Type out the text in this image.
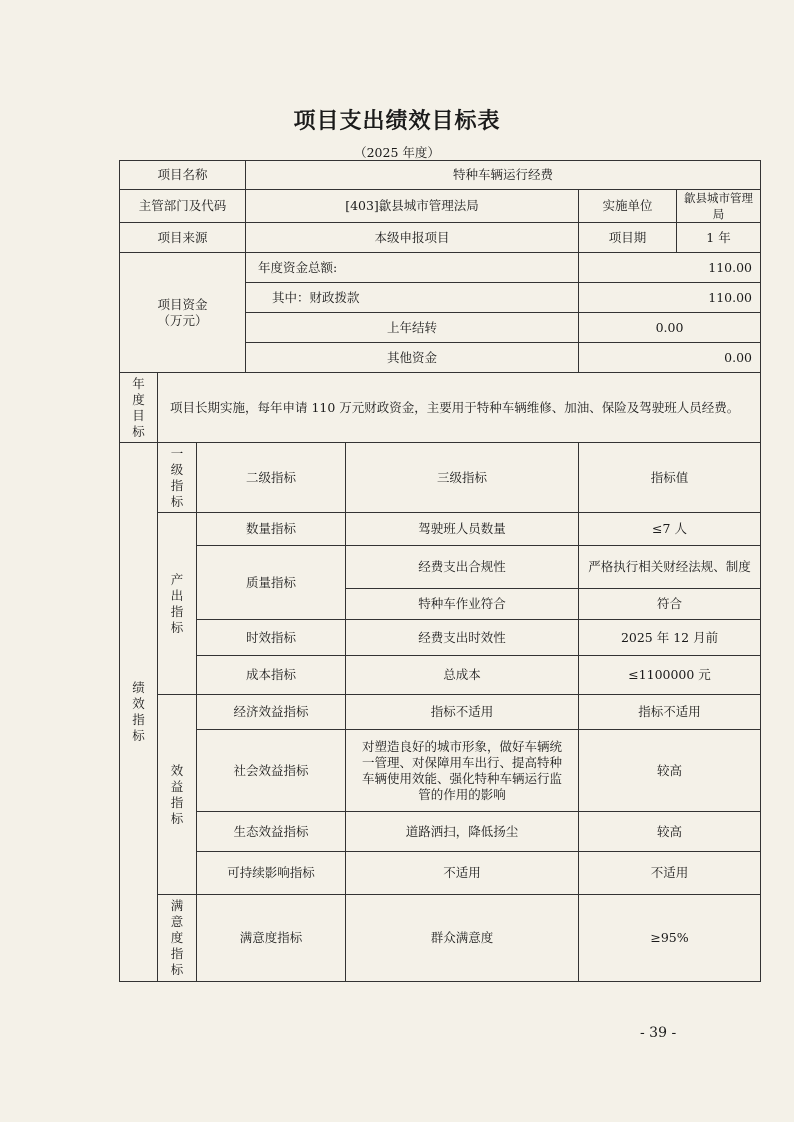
项目支出绩效目标表
（2025 年度）
项目名称			特种车辆运行经费			
主管部门及代码			[403]歙县城市管理法局		实施单位	歙县城市管理局
项目来源			本级申报项目		项目期	1 年
项目资金
（万元）			年度资金总额:		110.00	
			其中：财政拨款		110.00	
			上年结转		0.00	
			其他资金		0.00	

年度目标	项目长期实施，每年申请 110 万元财政资金，主要用于特种车辆维修、加油、保险及驾驶班人员经费。					

绩效指标	一级指标	二级指标		三级指标	指标值	

	产出指标	数量指标		驾驶班人员数量	≤7 人	
		质量指标		经费支出合规性	严格执行相关财经法规、制度	
				特种车作业符合	符合	
		时效指标		经费支出时效性	2025 年 12 月前	
		成本指标		总成本	≤1100000 元	

	效益指标	经济效益指标		指标不适用	指标不适用	
		社会效益指标		对塑造良好的城市形象，做好车辆统一管理、对保障用车出行、提高特种车辆使用效能、强化特种车辆运行监管的作用的影响	较高	
		生态效益指标		道路洒扫，降低扬尘	较高	
		可持续影响指标		不适用	不适用	

	满意度指标	满意度指标		群众满意度	≥95%	
- 39 -
